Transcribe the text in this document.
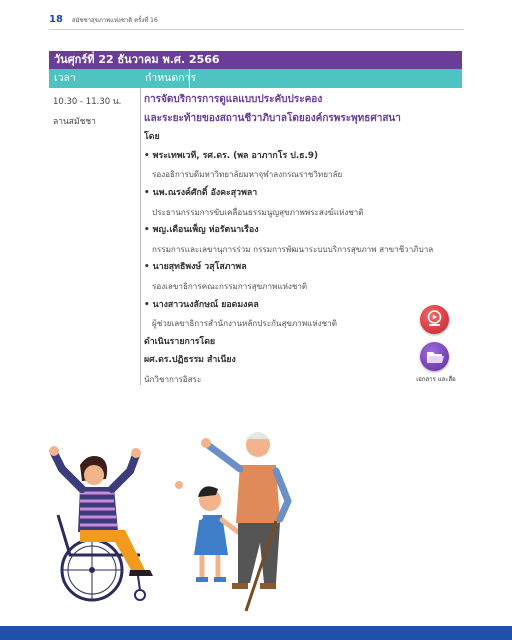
18 สมัชชาสุขภาพแห่งชาติ ครั้งที่ 16
วันศุกร์ที่ 22 ธันวาคม พ.ศ. 2566
เวลา	กำหนดการ
10.30 - 11.30 น.
ลานสมัชชา
การจัดบริการการดูแลแบบประคับประคอง
และระยะท้ายของสถานชีวาภิบาลโดยองค์กรพระพุทธศาสนา
โดย
• พระเทพเวที, รศ.ดร. (พล อาภากโร ป.ธ.9)
รองอธิการบดีมหาวิทยาลัยมหาจุฬาลงกรณราชวิทยาลัย
• นพ.ณรงค์ศักดิ์ อังคะสุวพลา
ประธานกรรมการขับเคลื่อนธรรมนูญสุขภาพพระสงฆ์แห่งชาติ
• พญ.เดือนเพ็ญ ห่อรัตนาเรือง
กรรมการและเลขานุการร่วม กรรมการพัฒนาระบบบริการสุขภาพ สาขาชีวาภิบาล
• นายสุทธิพงษ์ วสุโสภาพล
รองเลขาธิการคณะกรรมการสุขภาพแห่งชาติ
• นางสาวนงลักษณ์ ยอดมงคล
ผู้ช่วยเลขาธิการสำนักงานหลักประกันสุขภาพแห่งชาติ
ดำเนินรายการโดย
ผศ.ดร.ปฏิธรรม สำเนียง
นักวิชาการอิสระ	เอกสาร และสื่อ
